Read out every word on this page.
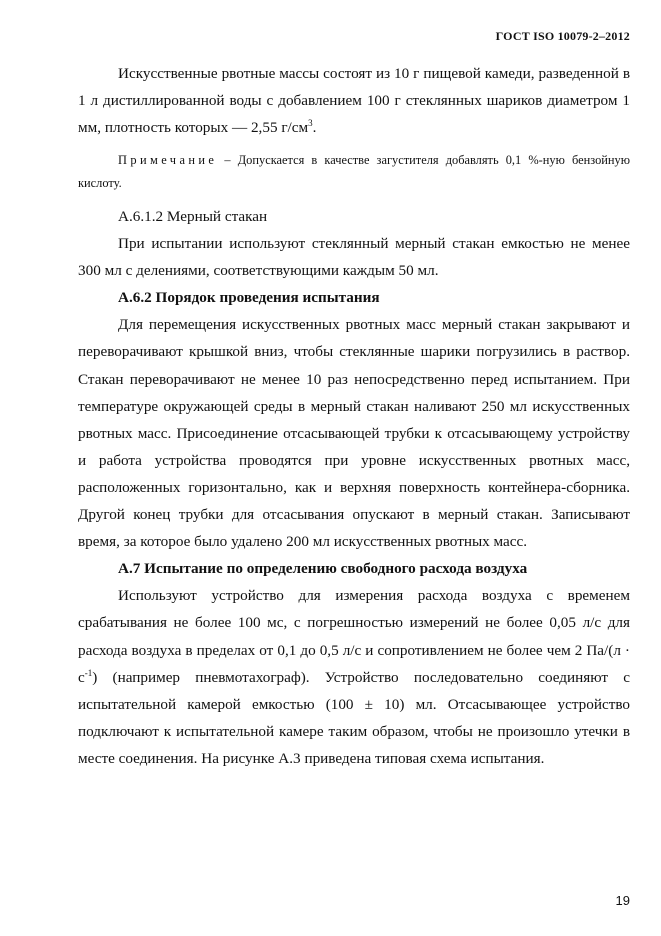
ГОСТ ISO 10079-2–2012

Искусственные рвотные массы состоят из 10 г пищевой камеди, разведенной в 1 л дистиллированной воды с добавлением 100 г стеклянных шариков диаметром 1 мм, плотность которых — 2,55 $г/см^3$.

Примечание – Допускается в качестве загустителя добавлять 0,1 %-ную бензойную кислоту.

А.6.1.2 Мерный стакан

При испытании используют стеклянный мерный стакан емкостью не менее 300 мл с делениями, соответствующими каждым 50 мл.

А.6.2 Порядок проведения испытания

Для перемещения искусственных рвотных масс мерный стакан закрывают и переворачивают крышкой вниз, чтобы стеклянные шарики погрузились в раствор. Стакан переворачивают не менее 10 раз непосредственно перед испытанием. При температуре окружающей среды в мерный стакан наливают 250 мл искусственных рвотных масс. Присоединение отсасывающей трубки к отсасывающему устройству и работа устройства проводятся при уровне искусственных рвотных масс, расположенных горизонтально, как и верхняя поверхность контейнера-сборника. Другой конец трубки для отсасывания опускают в мерный стакан. Записывают время, за которое было удалено 200 мл искусственных рвотных масс.

А.7 Испытание по определению свободного расхода воздуха

Используют устройство для измерения расхода воздуха с временем срабатывания не более 100 мс, с погрешностью измерений не более 0,05 л/с для расхода воздуха в пределах от 0,1 до 0,5 л/с и сопротивлением не более чем 2 $Па/(л \cdot с^{-1})$ (например пневмотахограф). Устройство последовательно соединяют с испытательной камерой емкостью (100 ± 10) мл. Отсасывающее устройство подключают к испытательной камере таким образом, чтобы не произошло утечки в месте соединения. На рисунке А.3 приведена типовая схема испытания.

19
